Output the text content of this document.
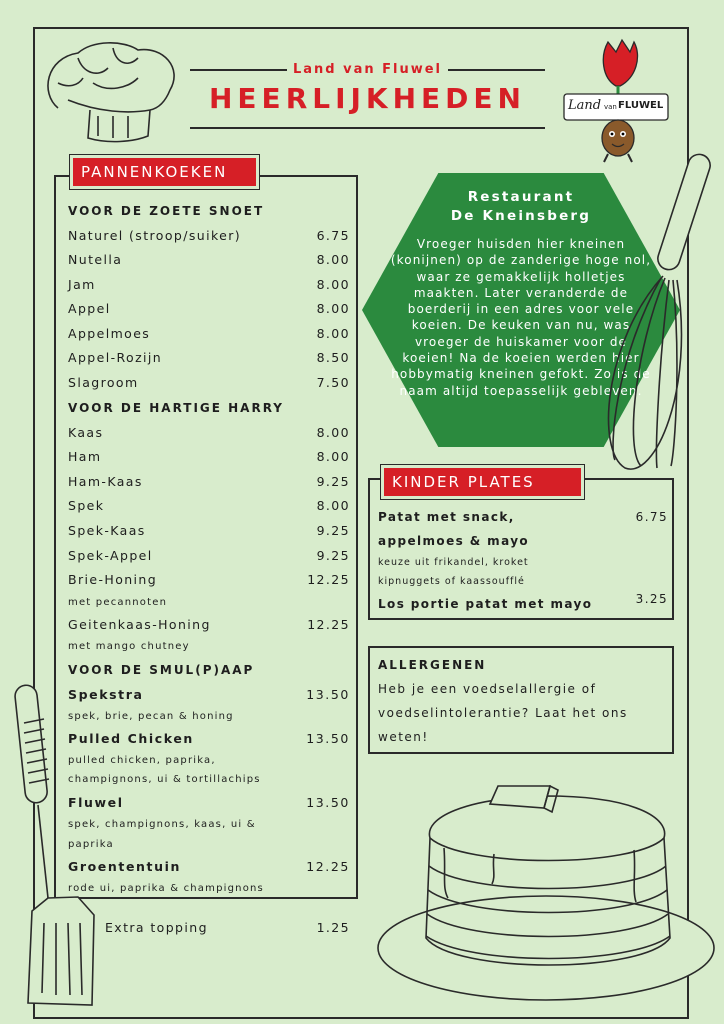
Land van Fluwel
HEERLIJKHEDEN	Land van FLUWEL
PANNENKOEKEN
VOOR DE ZOETE SNOET
Naturel (stroop/suiker)	6.75
Nutella	8.00
Jam	8.00
Appel	8.00
Appelmoes	8.00
Appel-Rozijn	8.50
Slagroom	7.50
VOOR DE HARTIGE HARRY
Kaas	8.00
Ham	8.00
Ham-Kaas	9.25
Spek	8.00
Spek-Kaas	9.25
Spek-Appel	9.25
Brie-Honing	12.25
met pecannoten
Geitenkaas-Honing	12.25
met mango chutney
VOOR DE SMUL(P)AAP
Spekstra	13.50
spek, brie, pecan & honing
Pulled Chicken	13.50
pulled chicken, paprika,
champignons, ui & tortillachips
Fluwel	13.50
spek, champignons, kaas, ui &
paprika
Groententuin	12.25
rode ui, paprika & champignons
Extra topping	1.25
Restaurant
De Kneinsberg
Vroeger huisden hier kneinen (konijnen) op de zanderige hoge nol, waar ze gemakkelijk holletjes maakten. Later veranderde de boerderij in een adres voor vele koeien. De keuken van nu, was vroeger de huiskamer voor de koeien! Na de koeien werden hier hobbymatig kneinen gefokt. Zo is de naam altijd toepasselijk gebleven.
KINDER PLATES
Patat met snack,	6.75
appelmoes & mayo
keuze uit frikandel, kroket
kipnuggets of kaassoufflé
Los portie patat met mayo	3.25
ALLERGENEN
Heb je een voedselallergie of
voedselintolerantie? Laat het ons
weten!
